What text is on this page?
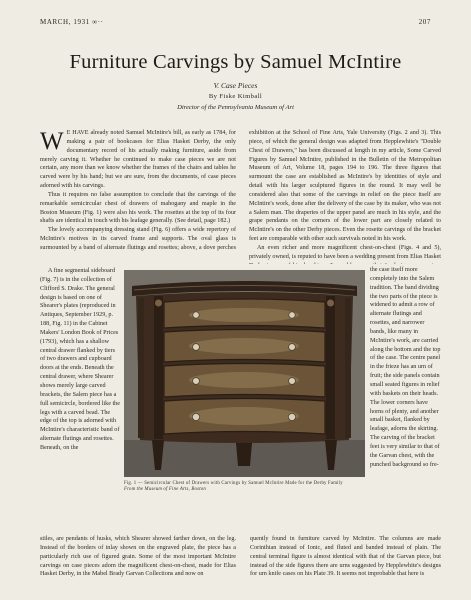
MARCH, 1931 ∞··	207
Furniture Carvings by Samuel McIntire
V. Case Pieces
By Fiske Kimball
Director of the Pennsylvania Museum of Art

W E HAVE already noted Samuel McIntire's bill, as early as 1784, for making a pair of bookcases for Elias Hasket Derby, the only documentary record of his actually making furniture, aside from merely carving it. Whether he continued to make case pieces we are not certain, any more than we know whether the frames of the chairs and tables he carved were by his hand; but we are sure, from the documents, of case pieces adorned with his carvings.

Thus it requires no false assumption to conclude that the carvings of the remarkable semicircular chest of drawers of mahogany and maple in the Boston Museum (Fig. 1) were also his work. The rosettes at the top of its four shafts are identical in touch with his leafage generally. (See detail, page 182.)

The lovely accompanying dressing stand (Fig. 6) offers a wide repertory of McIntire's motives in its carved frame and supports. The oval glass is surmounted by a band of alternate flutings and rosettes; above, a dove perches

exhibition at the School of Fine Arts, Yale University (Figs. 2 and 3). This piece, of which the general design was adapted from Hepplewhite's "Double Chest of Drawers," has been discussed at length in my article, Some Carved Figures by Samuel McIntire, published in the Bulletin of the Metropolitan Museum of Art, Volume 18, pages 194 to 196. The three figures that surmount the case are established as McIntire's by identities of style and detail with his larger sculptured figures in the round. It may well be considered also that some of the carvings in relief on the piece itself are McIntire's work, done after the delivery of the case by its maker, who was not a Salem man. The draperies of the upper panel are much in his style, and the grape pendants on the corners of the lower part are closely related to McIntire's on the other Derby pieces. Even the rosette carvings of the bracket feet are comparable with other such survivals noted in his work.

An even richer and more magnificent chest-on-chest (Figs. 4 and 5), privately owned, is reputed to have been a wedding present from Elias Hasket

A fine segmental sideboard (Fig. 7) is in the collection of Clifford S. Drake. The general design is based on one of Shearer's plates (reproduced in Antiques, September 1929, p. 188, Fig. 11) in the Cabinet Makers' London Book of Prices (1793), which has a shallow central drawer flanked by tiers of two drawers and cupboard doors at the ends. Beneath the central drawer, where Shearer shows merely large carved brackets, the Salem piece has a full semicircle, bordered like the legs with a carved bead. The edge of the top is adorned with McIntire's characteristic band of alternate flutings and rosettes. Beneath, on the

the case itself more completely into the Salem tradition. The band dividing the two parts of the piece is widened to admit a row of alternate flutings and rosettes, and narrower bands, like many in McIntire's work, are carried along the bottom and the top of the case. The centre panel in the frieze has an urn of fruit; the side panels contain small seated figures in relief with baskets on their heads. The lower corners have horns of plenty, and another small basket, flanked by leafage, adorns the skirting. The carving of the bracket feet is very similar to that of the Garvan chest, with the punched background so fre-

Fig. 1 — Semicircular Chest of Drawers with Carvings by Samuel McIntire Made for the Derby Family
From the Museum of Fine Arts, Boston

stiles, are pendants of husks, which Shearer showed farther down, on the leg. Instead of the borders of inlay shown on the engraved plate, the piece has a particularly rich use of figured grain. Some of the most important McIntire carvings on case pieces adorn the magnificent chest-on-chest, made for Elias Hasket Derby, in the Mabel Brady Garvan Collections and now on

quently found in furniture carved by McIntire. The columns are made Corinthian instead of Ionic, and fluted and banded instead of plain. The central terminal figure is almost identical with that of the Garvan piece, but instead of the side figures there are urns suggested by Hepplewhite's designs for urn knife cases on his Plate 39. It seems not improbable that here is
